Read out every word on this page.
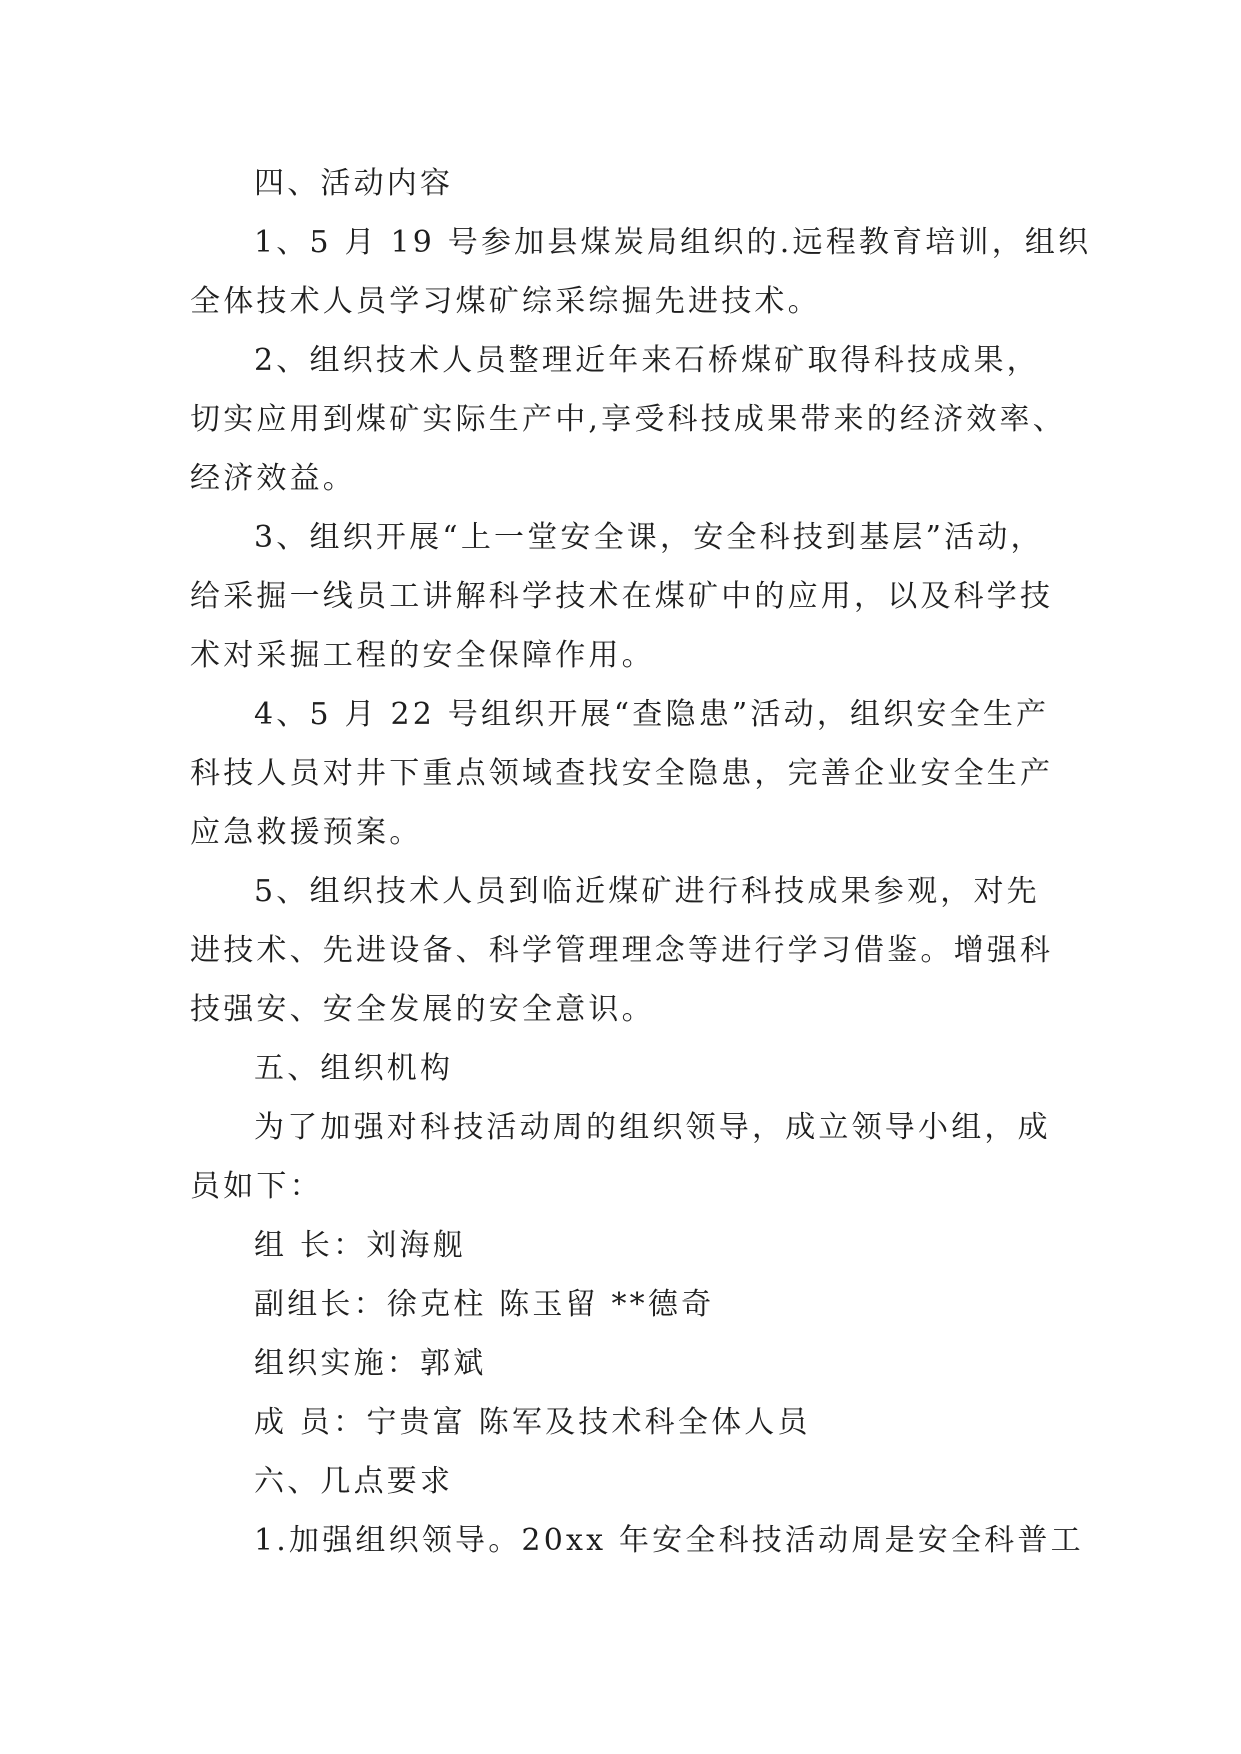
四、活动内容
1、5 月 19 号参加县煤炭局组织的.远程教育培训，组织
全体技术人员学习煤矿综采综掘先进技术。
2、组织技术人员整理近年来石桥煤矿取得科技成果，
切实应用到煤矿实际生产中,享受科技成果带来的经济效率、
经济效益。
3、组织开展“上一堂安全课，安全科技到基层”活动，
给采掘一线员工讲解科学技术在煤矿中的应用，以及科学技
术对采掘工程的安全保障作用。
4、5 月 22 号组织开展“查隐患”活动，组织安全生产
科技人员对井下重点领域查找安全隐患，完善企业安全生产
应急救援预案。
5、组织技术人员到临近煤矿进行科技成果参观，对先
进技术、先进设备、科学管理理念等进行学习借鉴。增强科
技强安、安全发展的安全意识。
五、组织机构
为了加强对科技活动周的组织领导，成立领导小组，成
员如下：
组 长：刘海舰
副组长：徐克柱 陈玉留 **德奇
组织实施：郭斌
成 员：宁贵富 陈军及技术科全体人员
六、几点要求
1.加强组织领导。20xx 年安全科技活动周是安全科普工
